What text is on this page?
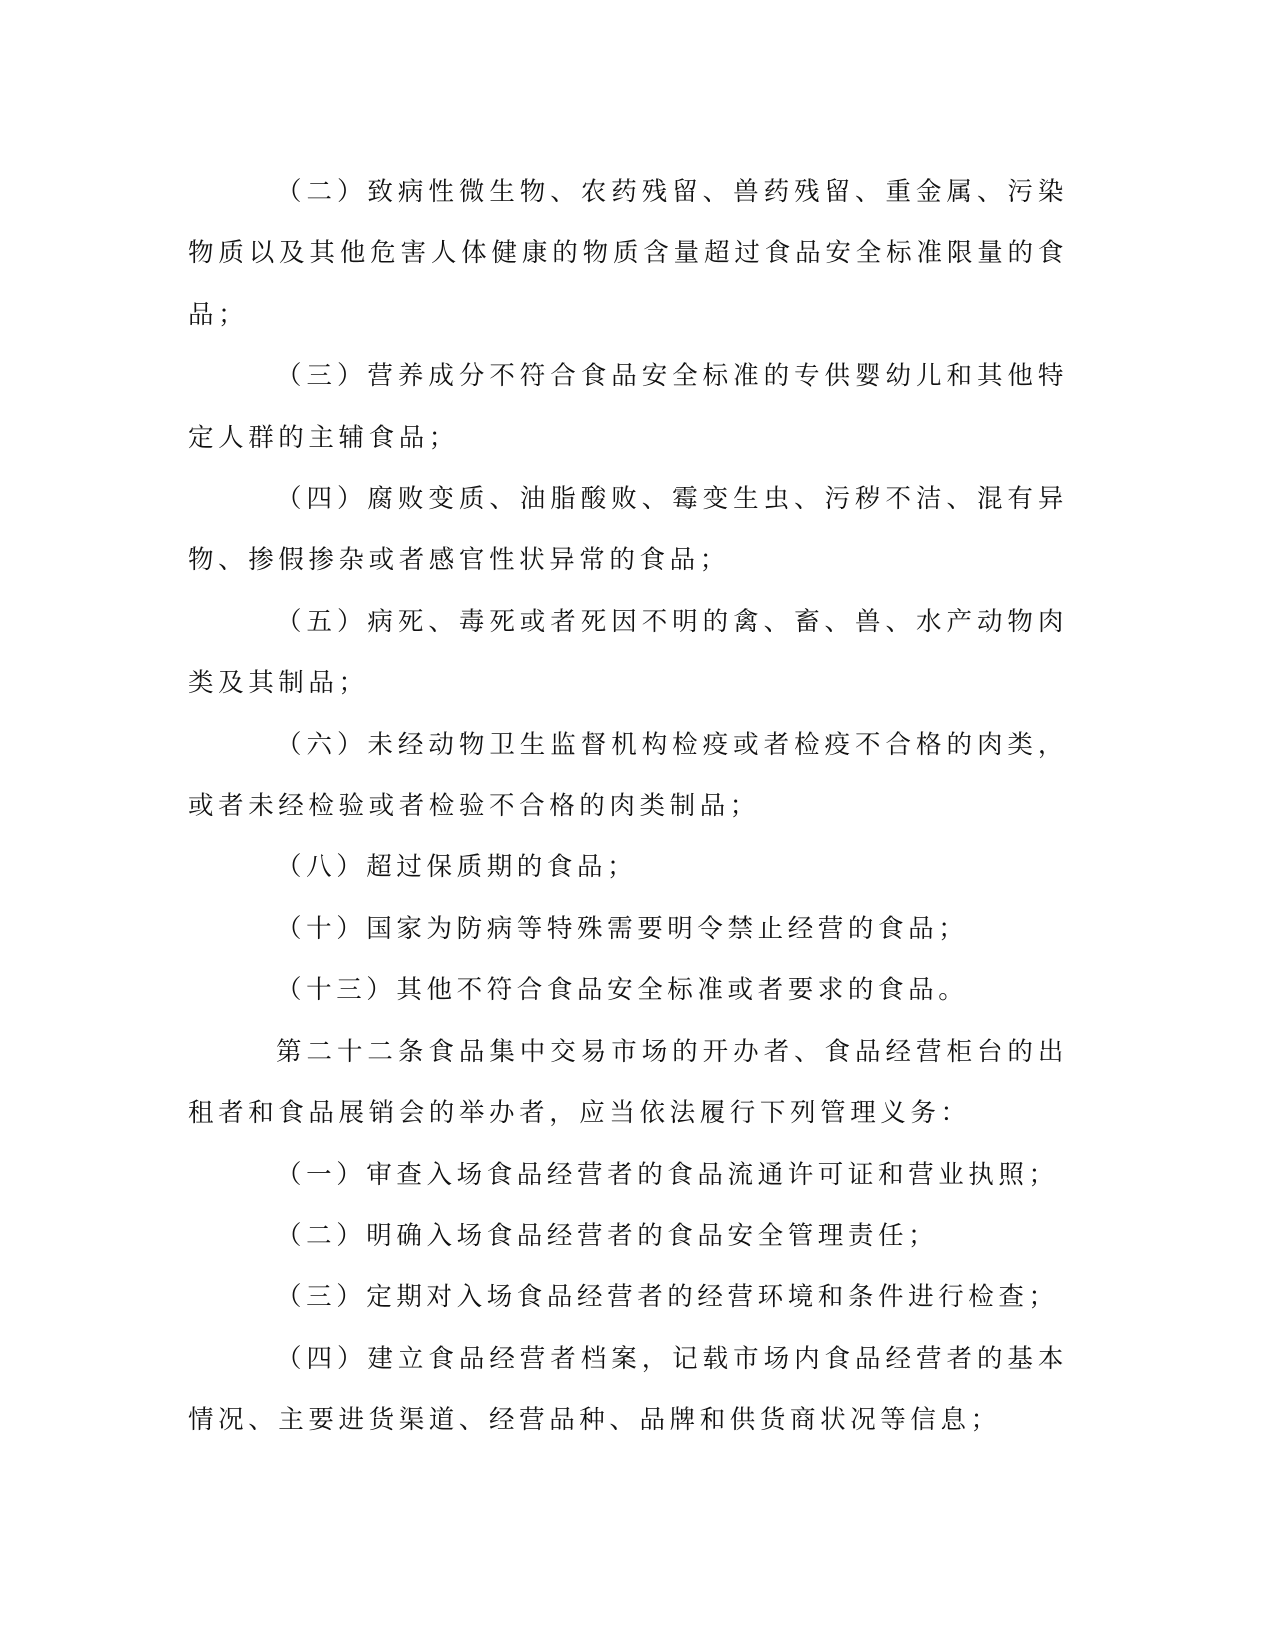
（二）致病性微生物、农药残留、兽药残留、重金属、污染物质以及其他危害人体健康的物质含量超过食品安全标准限量的食品；

（三）营养成分不符合食品安全标准的专供婴幼儿和其他特定人群的主辅食品；

（四）腐败变质、油脂酸败、霉变生虫、污秽不洁、混有异物、掺假掺杂或者感官性状异常的食品；

（五）病死、毒死或者死因不明的禽、畜、兽、水产动物肉类及其制品；

（六）未经动物卫生监督机构检疫或者检疫不合格的肉类，或者未经检验或者检验不合格的肉类制品；

（八）超过保质期的食品；

（十）国家为防病等特殊需要明令禁止经营的食品；

（十三）其他不符合食品安全标准或者要求的食品。

第二十二条食品集中交易市场的开办者、食品经营柜台的出租者和食品展销会的举办者，应当依法履行下列管理义务：

（一）审查入场食品经营者的食品流通许可证和营业执照；

（二）明确入场食品经营者的食品安全管理责任；

（三）定期对入场食品经营者的经营环境和条件进行检查；

（四）建立食品经营者档案，记载市场内食品经营者的基本情况、主要进货渠道、经营品种、品牌和供货商状况等信息；
